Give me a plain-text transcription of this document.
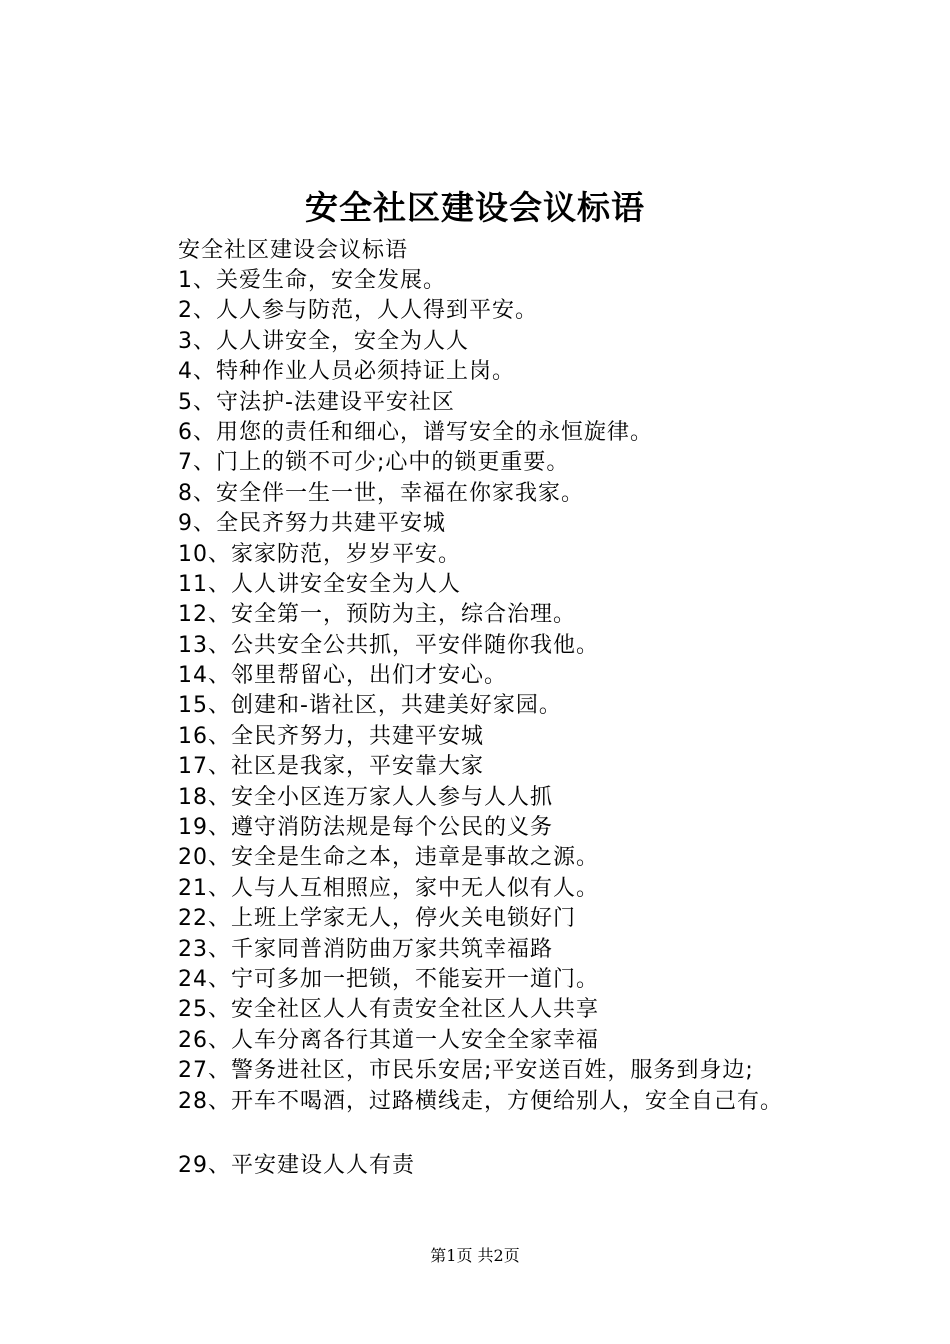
安全社区建设会议标语
安全社区建设会议标语
1、关爱生命，安全发展。
2、人人参与防范，人人得到平安。
3、人人讲安全，安全为人人
4、特种作业人员必须持证上岗。
5、守法护-法建设平安社区
6、用您的责任和细心，谱写安全的永恒旋律。
7、门上的锁不可少;心中的锁更重要。
8、安全伴一生一世，幸福在你家我家。
9、全民齐努力共建平安城
10、家家防范，岁岁平安。
11、人人讲安全安全为人人
12、安全第一，预防为主，综合治理。
13、公共安全公共抓，平安伴随你我他。
14、邻里帮留心，出们才安心。
15、创建和-谐社区，共建美好家园。
16、全民齐努力，共建平安城
17、社区是我家，平安靠大家
18、安全小区连万家人人参与人人抓
19、遵守消防法规是每个公民的义务
20、安全是生命之本，违章是事故之源。
21、人与人互相照应，家中无人似有人。
22、上班上学家无人，停火关电锁好门
23、千家同普消防曲万家共筑幸福路
24、宁可多加一把锁，不能妄开一道门。
25、安全社区人人有责安全社区人人共享
26、人车分离各行其道一人安全全家幸福
27、警务进社区，市民乐安居;平安送百姓，服务到身边;
28、开车不喝酒，过路横线走，方便给别人，安全自己有。
29、平安建设人人有责
第1页 共2页
